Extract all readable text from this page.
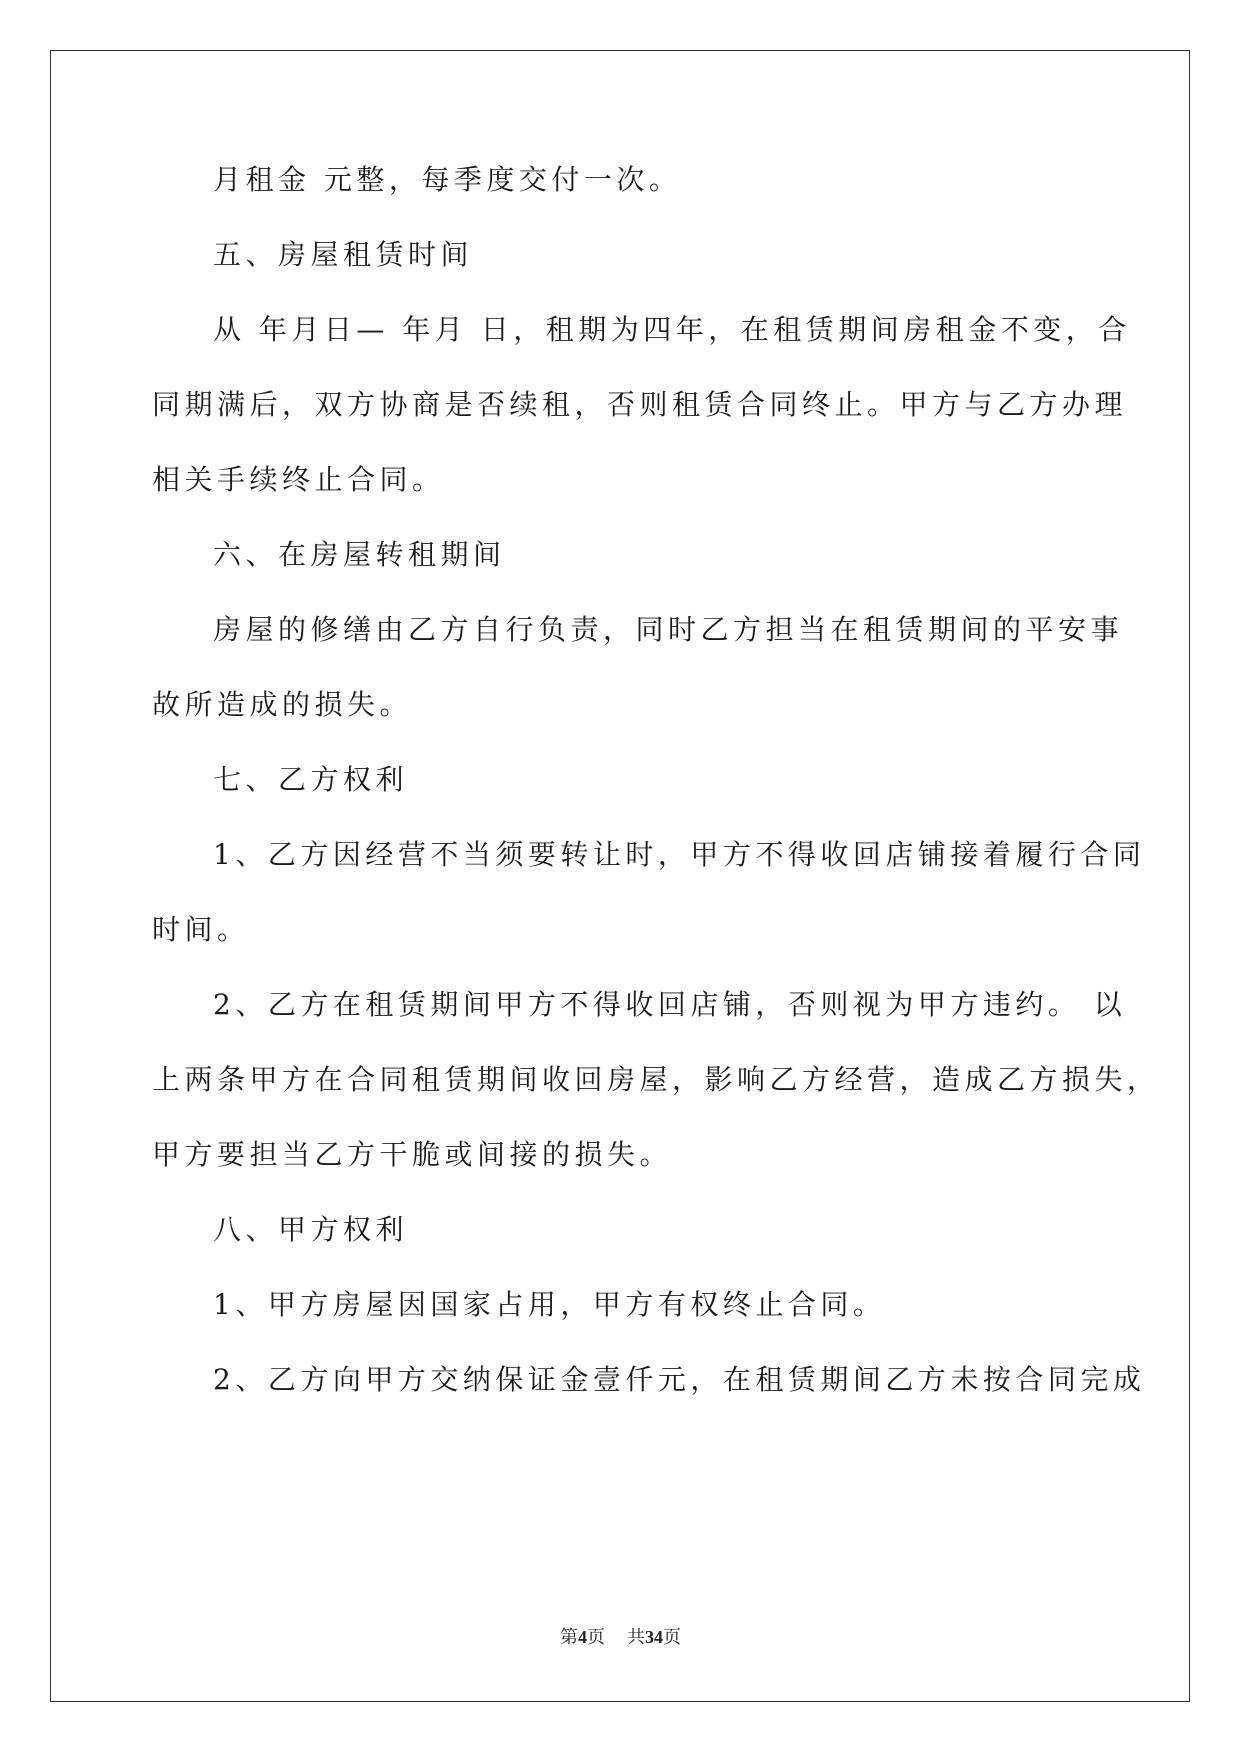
月租金 元整，每季度交付一次。
五、房屋租赁时间
从 年月日— 年月 日，租期为四年，在租赁期间房租金不变，合
同期满后，双方协商是否续租，否则租赁合同终止。甲方与乙方办理
相关手续终止合同。
六、在房屋转租期间
房屋的修缮由乙方自行负责，同时乙方担当在租赁期间的平安事
故所造成的损失。
七、乙方权利
1、乙方因经营不当须要转让时，甲方不得收回店铺接着履行合同
时间。
2、乙方在租赁期间甲方不得收回店铺，否则视为甲方违约。 以
上两条甲方在合同租赁期间收回房屋，影响乙方经营，造成乙方损失，
甲方要担当乙方干脆或间接的损失。
八、甲方权利
1、甲方房屋因国家占用，甲方有权终止合同。
2、乙方向甲方交纳保证金壹仟元，在租赁期间乙方未按合同完成
第4页 共34页
